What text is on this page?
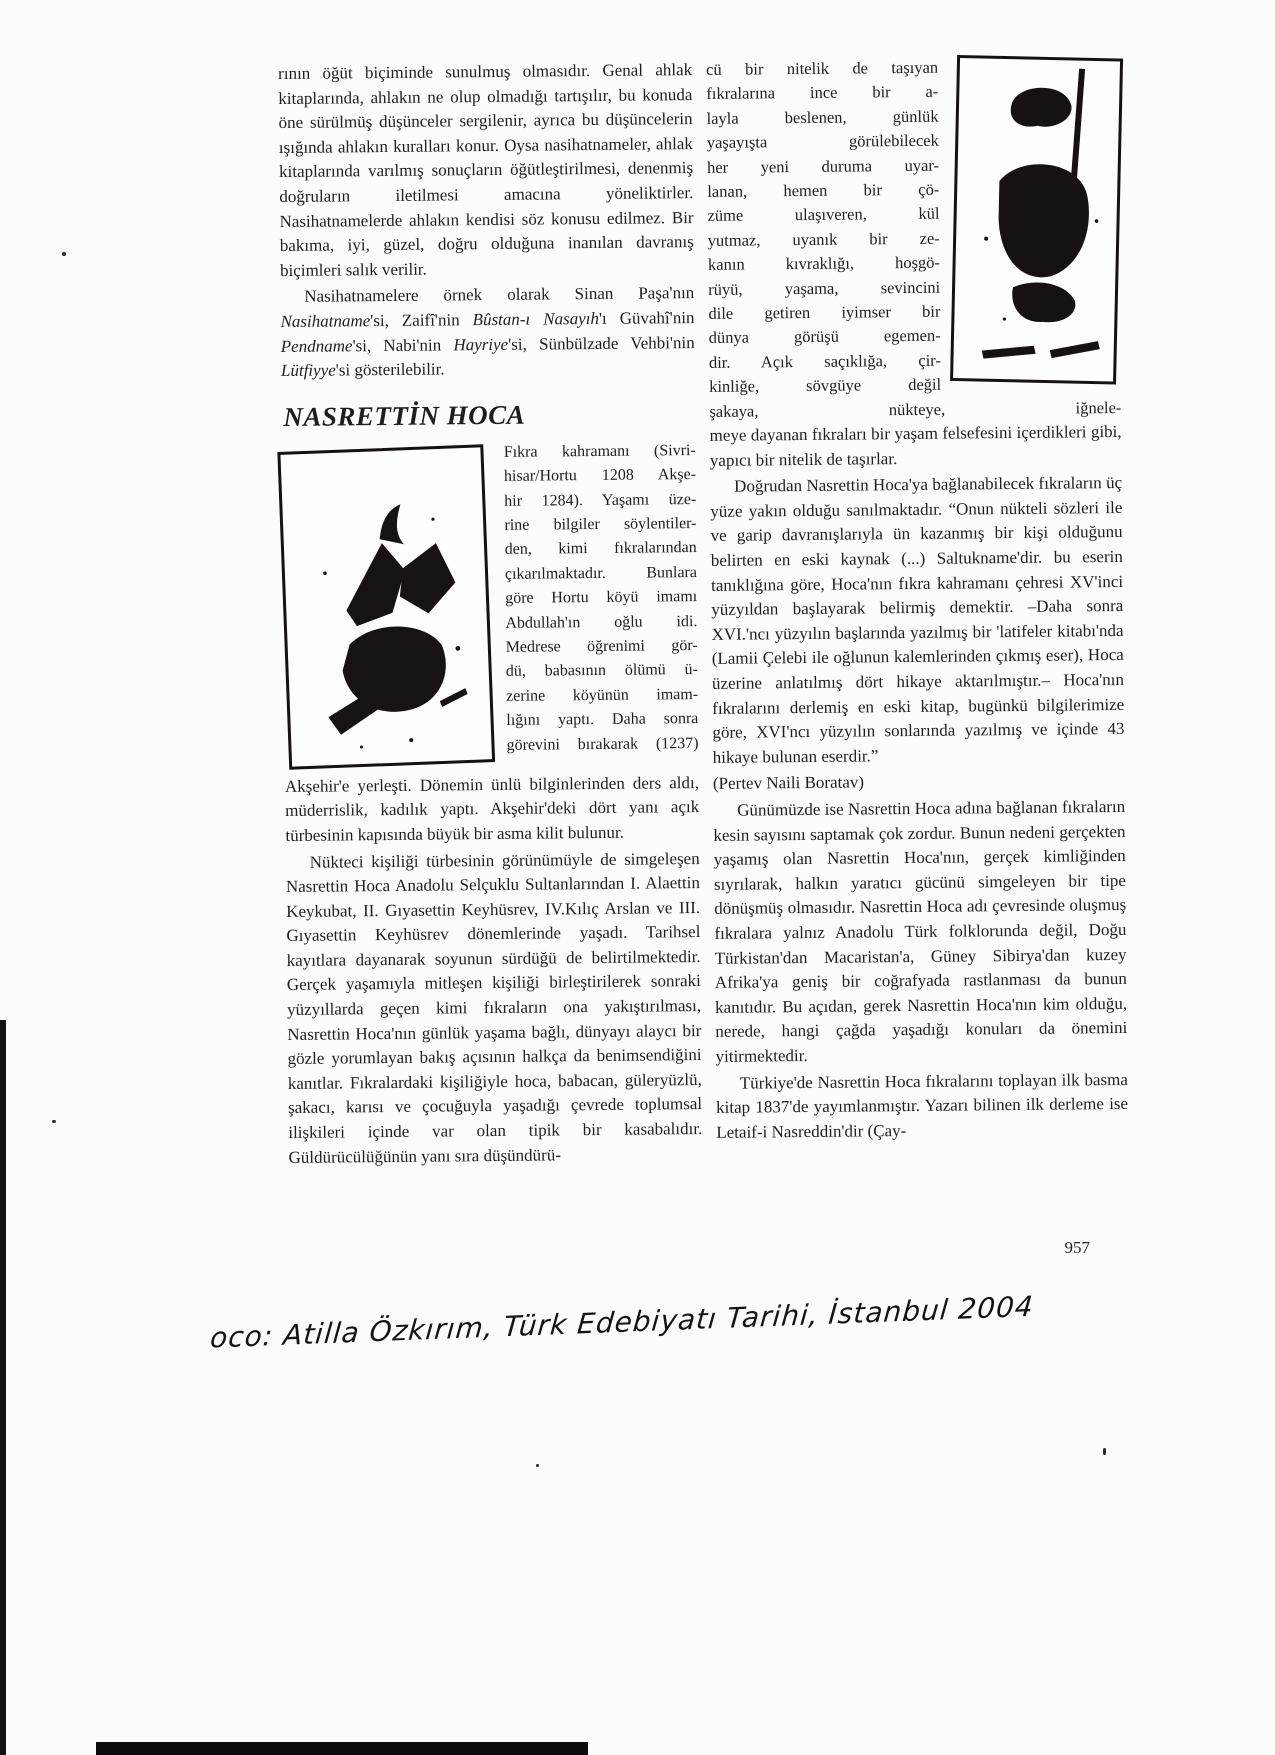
rının öğüt biçiminde sunulmuş olmasıdır. Genal ahlak kitaplarında, ahlakın ne olup olmadığı tartışılır, bu konuda öne sürülmüş düşünceler sergilenir, ayrıca bu düşüncelerin ışığında ahlakın kuralları konur. Oysa nasihatnameler, ahlak kitaplarında varılmış sonuçların öğütleştirilmesi, denenmiş doğruların iletilmesi amacına yöneliktirler. Nasihatnamelerde ahlakın kendisi söz konusu edilmez. Bir bakıma, iyi, güzel, doğru olduğuna inanılan davranış biçimleri salık verilir.

Nasihatnamelere örnek olarak Sinan Paşa'nın Nasihatname'si, Zaifî'nin Bûstan-ı Nasayıh'ı Güvahî'nin Pendname'si, Nabi'nin Hayriye'si, Sünbülzade Vehbi'nin Lütfiyye'si gösterilebilir.

NASRETTİN HOCA
Fıkra kahramanı (Sivri-
hisar/Hortu 1208 Akşe-
hir 1284). Yaşamı üze-
rine bilgiler söylentiler-
den, kimi fıkralarından
çıkarılmaktadır. Bunlara
göre Hortu köyü imamı
Abdullah'ın oğlu idi.
Medrese öğrenimi gör-
dü, babasının ölümü ü-
zerine köyünün imam-
lığını yaptı. Daha sonra
görevini bırakarak (1237)

Akşehir'e yerleşti. Dönemin ünlü bilginlerinden ders aldı, müderrislik, kadılık yaptı. Akşehir'deki dört yanı açık türbesinin kapısında büyük bir asma kilit bulunur.

Nükteci kişiliği türbesinin görünümüyle de simgeleşen Nasrettin Hoca Anadolu Selçuklu Sultanlarından I. Alaettin Keykubat, II. Gıyasettin Keyhüsrev, IV.Kılıç Arslan ve III. Gıyasettin Keyhüsrev dönemlerinde yaşadı. Tarihsel kayıtlara dayanarak soyunun sürdüğü de belirtilmektedir. Gerçek yaşamıyla mitleşen kişiliği birleştirilerek sonraki yüzyıllarda geçen kimi fıkraların ona yakıştırılması, Nasrettin Hoca'nın günlük yaşama bağlı, dünyayı alaycı bir gözle yorumlayan bakış açısının halkça da benimsendiğini kanıtlar. Fıkralardaki kişiliğiyle hoca, babacan, güleryüzlü, şakacı, karısı ve çocuğuyla yaşadığı çevrede toplumsal ilişkileri içinde var olan tipik bir kasabalıdır. Güldürücülüğünün yanı sıra düşündürü-

cü bir nitelik de taşıyan
fıkralarına ince bir a-
layla beslenen, günlük
yaşayışta görülebilecek
her yeni duruma uyar-
lanan, hemen bir çö-
züme ulaşıveren, kül
yutmaz, uyanık bir ze-
kanın kıvraklığı, hoşgö-
rüyü, yaşama, sevincini
dile getiren iyimser bir
dünya görüşü egemen-
dir. Açık saçıklığa, çir-
kinliğe, sövgüye değil
şakaya, nükteye, iğnele-

meye dayanan fıkraları bir yaşam felsefesini içerdikleri gibi, yapıcı bir nitelik de taşırlar.

Doğrudan Nasrettin Hoca'ya bağlanabilecek fıkraların üç yüze yakın olduğu sanılmaktadır. “Onun nükteli sözleri ile ve garip davranışlarıyla ün kazanmış bir kişi olduğunu belirten en eski kaynak (...) Saltukname'dir. bu eserin tanıklığına göre, Hoca'nın fıkra kahramanı çehresi XV'inci yüzyıldan başlayarak belirmiş demektir. –Daha sonra XVI.'ncı yüzyılın başlarında yazılmış bir 'latifeler kitabı'nda (Lamii Çelebi ile oğlunun kalemlerinden çıkmış eser), Hoca üzerine anlatılmış dört hikaye aktarılmıştır.– Hoca'nın fıkralarını derlemiş en eski kitap, bugünkü bilgilerimize göre, XVI'ncı yüzyılın sonlarında yazılmış ve içinde 43 hikaye bulunan eserdir.”

(Pertev Naili Boratav)

Günümüzde ise Nasrettin Hoca adına bağlanan fıkraların kesin sayısını saptamak çok zordur. Bunun nedeni gerçekten yaşamış olan Nasrettin Hoca'nın, gerçek kimliğinden sıyrılarak, halkın yaratıcı gücünü simgeleyen bir tipe dönüşmüş olmasıdır. Nasrettin Hoca adı çevresinde oluşmuş fıkralara yalnız Anadolu Türk folklorunda değil, Doğu Türkistan'dan Macaristan'a, Güney Sibirya'dan kuzey Afrika'ya geniş bir coğrafyada rastlanması da bunun kanıtıdır. Bu açıdan, gerek Nasrettin Hoca'nın kim olduğu, nerede, hangi çağda yaşadığı konuları da önemini yitirmektedir.

Türkiye'de Nasrettin Hoca fıkralarını toplayan ilk basma kitap 1837'de yayımlanmıştır. Yazarı bilinen ilk derleme ise Letaif-i Nasreddin'dir (Çay-

957
oco: Atilla Özkırım, Türk Edebiyatı Tarihi, İstanbul 2004
